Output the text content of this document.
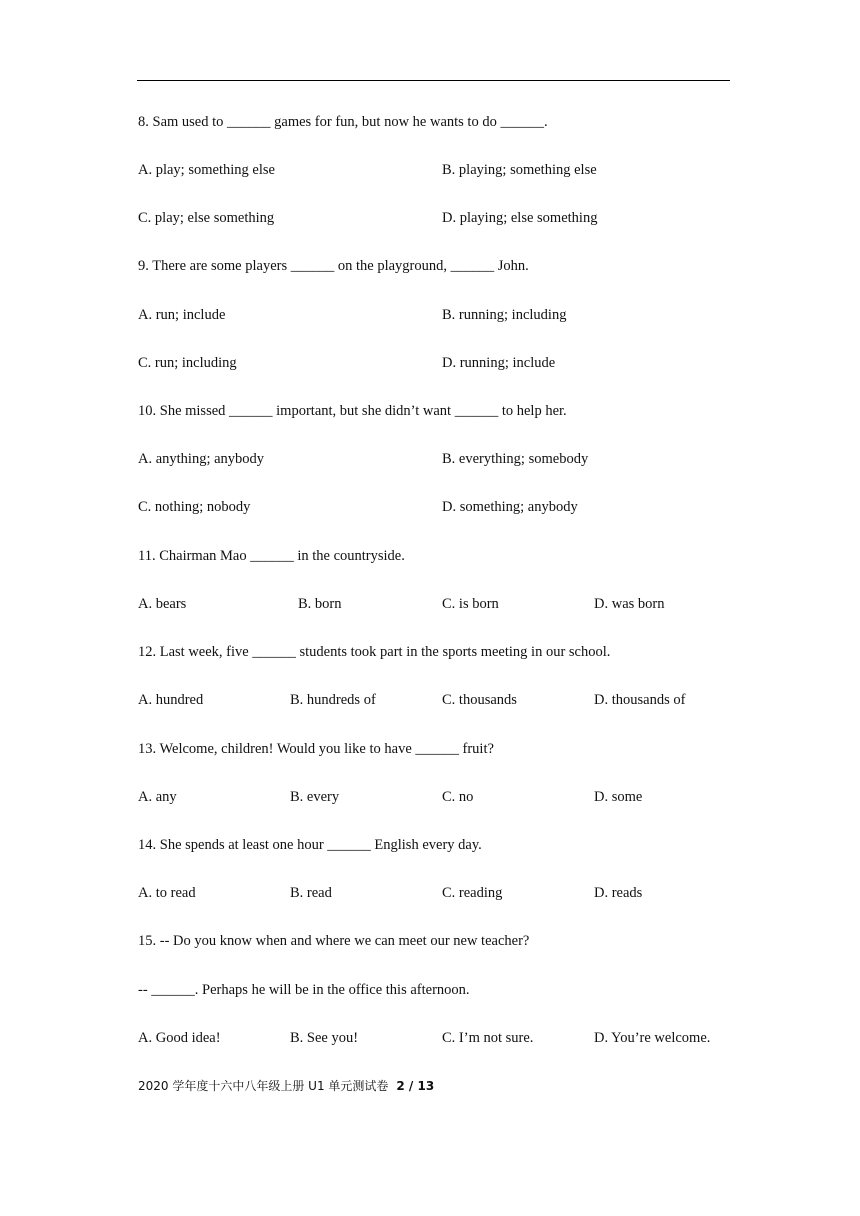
8. Sam used to ______ games for fun, but now he wants to do ______.
A. play; something else	B. playing; something else
C. play; else something	D. playing; else something
9. There are some players ______ on the playground, ______ John.
A. run; include	B. running; including
C. run; including	D. running; include
10. She missed ______ important, but she didn’t want ______ to help her.
A. anything; anybody	B. everything; somebody
C. nothing; nobody	D. something; anybody
11. Chairman Mao ______ in the countryside.
A. bears	B. born	C. is born	D. was born
12. Last week, five ______ students took part in the sports meeting in our school.
A. hundred	B. hundreds of	C. thousands	D. thousands of
13. Welcome, children! Would you like to have ______ fruit?
A. any	B. every	C. no	D. some
14. She spends at least one hour ______ English every day.
A. to read	B. read	C. reading	D. reads
15. -- Do you know when and where we can meet our new teacher?
-- ______. Perhaps he will be in the office this afternoon.
A. Good idea!	B. See you!	C. I’m not sure.	D. You’re welcome.
2020 学年度十六中八年级上册 U1 单元测试卷 2 / 13
